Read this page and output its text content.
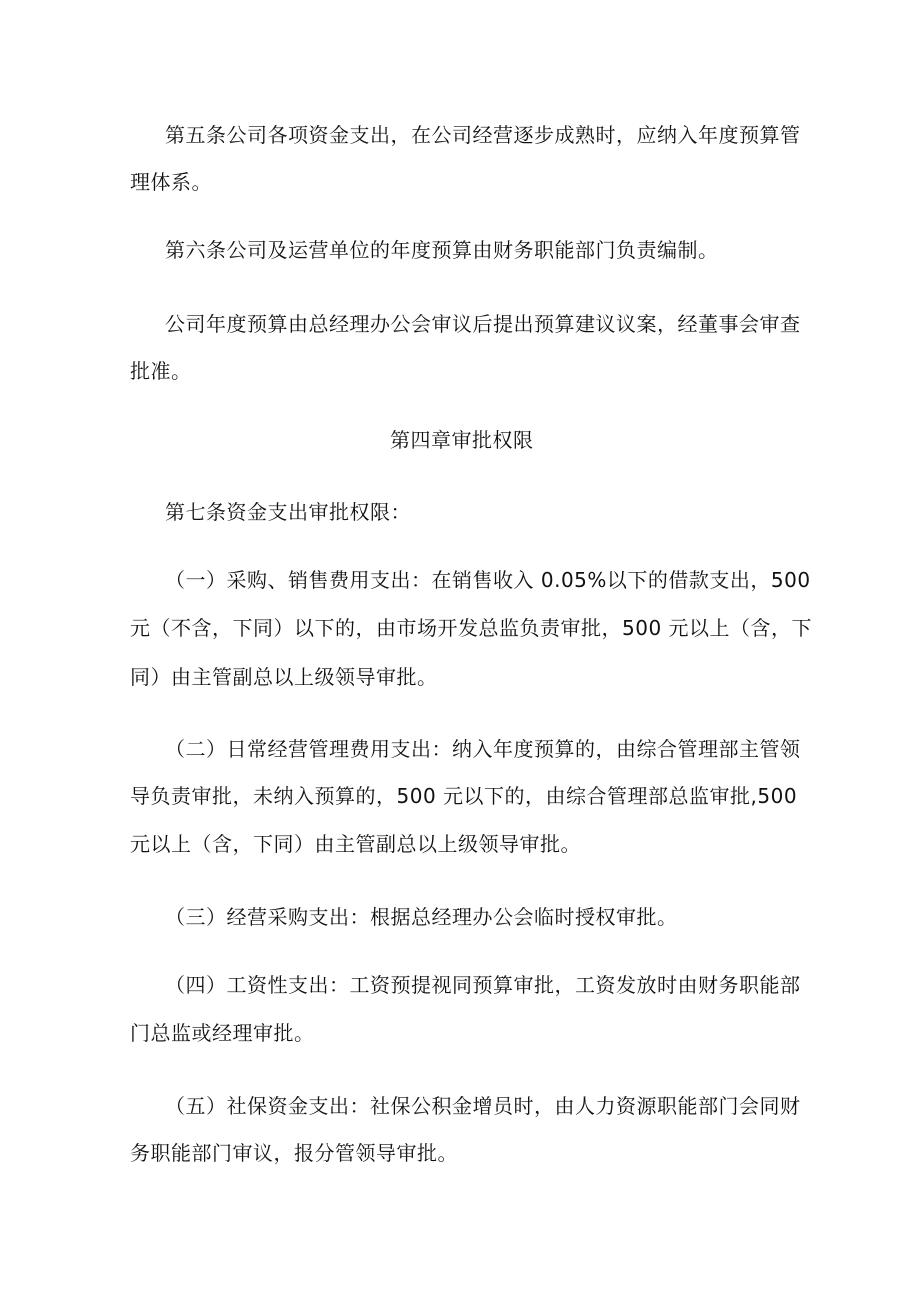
第五条公司各项资金支出，在公司经营逐步成熟时，应纳入年度预算管
理体系。
第六条公司及运营单位的年度预算由财务职能部门负责编制。
公司年度预算由总经理办公会审议后提出预算建议议案，经董事会审查
批准。
第四章审批权限
第七条资金支出审批权限：
（一）采购、销售费用支出：在销售收入 0.05%以下的借款支出，500
元（不含，下同）以下的，由市场开发总监负责审批，500 元以上（含，下
同）由主管副总以上级领导审批。
（二）日常经营管理费用支出：纳入年度预算的，由综合管理部主管领
导负责审批，未纳入预算的，500 元以下的，由综合管理部总监审批,500
元以上（含，下同）由主管副总以上级领导审批。
（三）经营采购支出：根据总经理办公会临时授权审批。
（四）工资性支出：工资预提视同预算审批，工资发放时由财务职能部
门总监或经理审批。
（五）社保资金支出：社保公积金增员时，由人力资源职能部门会同财
务职能部门审议，报分管领导审批。
